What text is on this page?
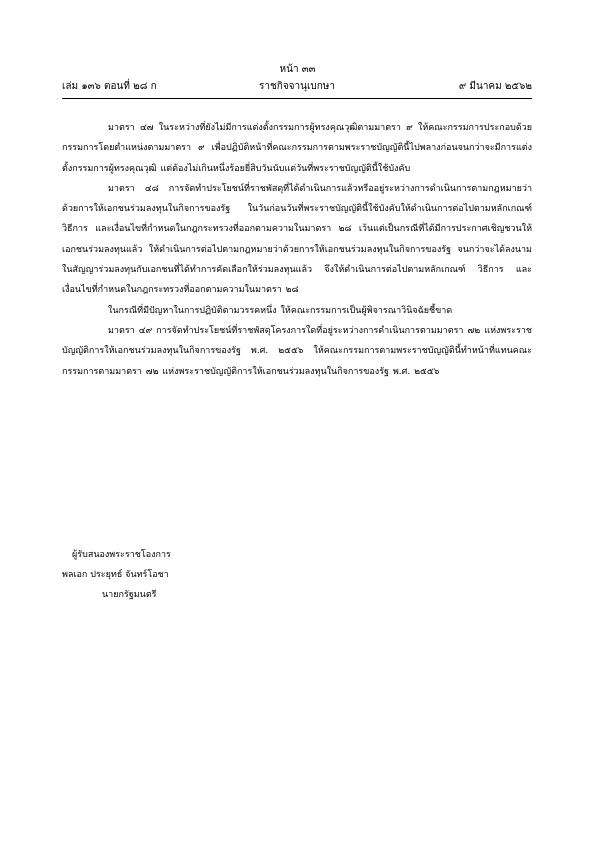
หน้า ๓๓
เล่ม ๑๓๖ ตอนที่ ๒๘ ก	ราชกิจจานุเบกษา	๙ มีนาคม ๒๕๖๒

มาตรา ๔๗ ในระหว่างที่ยังไม่มีการแต่งตั้งกรรมการผู้ทรงคุณวุฒิตามมาตรา ๙ ให้คณะกรรมการประกอบด้วยกรรมการโดยตำแหน่งตามมาตรา ๙ เพื่อปฏิบัติหน้าที่คณะกรรมการตามพระราชบัญญัตินี้ไปพลางก่อนจนกว่าจะมีการแต่งตั้งกรรมการผู้ทรงคุณวุฒิ แต่ต้องไม่เกินหนึ่งร้อยยี่สิบวันนับแต่วันที่พระราชบัญญัตินี้ใช้บังคับ

มาตรา ๔๘ การจัดทำประโยชน์ที่ราชพัสดุที่ได้ดำเนินการแล้วหรืออยู่ระหว่างการดำเนินการตามกฎหมายว่าด้วยการให้เอกชนร่วมลงทุนในกิจการของรัฐ ในวันก่อนวันที่พระราชบัญญัตินี้ใช้บังคับให้ดำเนินการต่อไปตามหลักเกณฑ์ วิธีการ และเงื่อนไขที่กำหนดในกฎกระทรวงที่ออกตามความในมาตรา ๒๘ เว้นแต่เป็นกรณีที่ได้มีการประกาศเชิญชวนให้เอกชนร่วมลงทุนแล้ว ให้ดำเนินการต่อไปตามกฎหมายว่าด้วยการให้เอกชนร่วมลงทุนในกิจการของรัฐ จนกว่าจะได้ลงนามในสัญญาร่วมลงทุนกับเอกชนที่ได้ทำการคัดเลือกให้ร่วมลงทุนแล้ว จึงให้ดำเนินการต่อไปตามหลักเกณฑ์ วิธีการ และเงื่อนไขที่กำหนดในกฎกระทรวงที่ออกตามความในมาตรา ๒๘

ในกรณีที่มีปัญหาในการปฏิบัติตามวรรคหนึ่ง ให้คณะกรรมการเป็นผู้พิจารณาวินิจฉัยชี้ขาด

มาตรา ๔๙ การจัดทำประโยชน์ที่ราชพัสดุโครงการใดที่อยู่ระหว่างการดำเนินการตามมาตรา ๗๒ แห่งพระราชบัญญัติการให้เอกชนร่วมลงทุนในกิจการของรัฐ พ.ศ. ๒๕๕๖ ให้คณะกรรมการตามพระราชบัญญัตินี้ทำหน้าที่แทนคณะกรรมการตามมาตรา ๗๒ แห่งพระราชบัญญัติการให้เอกชนร่วมลงทุนในกิจการของรัฐ พ.ศ. ๒๕๕๖

ผู้รับสนองพระราชโองการ
พลเอก ประยุทธ์ จันทร์โอชา
นายกรัฐมนตรี
